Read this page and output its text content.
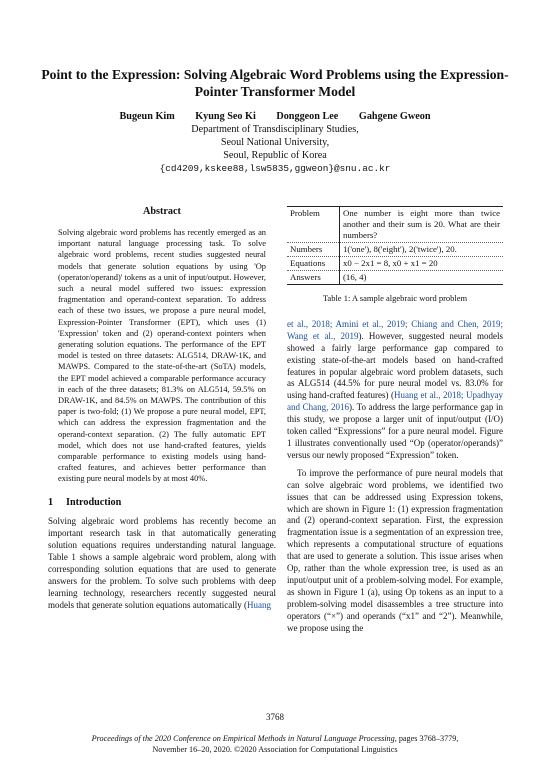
Point to the Expression: Solving Algebraic Word Problems using the Expression-Pointer Transformer Model
Bugeun Kim Kyung Seo Ki Donggeon Lee Gahgene Gweon
Department of Transdisciplinary Studies,
Seoul National University,
Seoul, Republic of Korea
{cd4209,kskee88,lsw5835,ggweon}@snu.ac.kr
Abstract

Solving algebraic word problems has recently emerged as an important natural language processing task. To solve algebraic word problems, recent studies suggested neural models that generate solution equations by using 'Op (operator/operand)' tokens as a unit of input/output. However, such a neural model suffered two issues: expression fragmentation and operand-context separation. To address each of these two issues, we propose a pure neural model, Expression-Pointer Transformer (EPT), which uses (1) 'Expression' token and (2) operand-context pointers when generating solution equations. The performance of the EPT model is tested on three datasets: ALG514, DRAW-1K, and MAWPS. Compared to the state-of-the-art (SoTA) models, the EPT model achieved a comparable performance accuracy in each of the three datasets; 81.3% on ALG514, 59.5% on DRAW-1K, and 84.5% on MAWPS. The contribution of this paper is two-fold; (1) We propose a pure neural model, EPT, which can address the expression fragmentation and the operand-context separation. (2) The fully automatic EPT model, which does not use hand-crafted features, yields comparable performance to existing models using hand-crafted features, and achieves better performance than existing pure neural models by at most 40%.

1 Introduction

Solving algebraic word problems has recently become an important research task in that automatically generating solution equations requires understanding natural language. Table 1 shows a sample algebraic word problem, along with corresponding solution equations that are used to generate answers for the problem. To solve such problems with deep learning technology, researchers recently suggested neural models that generate solution equations automatically (Huang

Problem	One number is eight more than twice another and their sum is 20. What are their numbers?
Numbers	1('one'), 8('eight'), 2('twice'), 20.
Equations	x0 − 2x1 = 8, x0 + x1 = 20
Answers	(16, 4)
Table 1: A sample algebraic word problem

et al., 2018; Amini et al., 2019; Chiang and Chen, 2019; Wang et al., 2019). However, suggested neural models showed a fairly large performance gap compared to existing state-of-the-art models based on hand-crafted features in popular algebraic word problem datasets, such as ALG514 (44.5% for pure neural model vs. 83.0% for using hand-crafted features) (Huang et al., 2018; Upadhyay and Chang, 2016). To address the large performance gap in this study, we propose a larger unit of input/output (I/O) token called “Expressions” for a pure neural model. Figure 1 illustrates conventionally used “Op (operator/operands)” versus our newly proposed “Expression” token.

To improve the performance of pure neural models that can solve algebraic word problems, we identified two issues that can be addressed using Expression tokens, which are shown in Figure 1: (1) expression fragmentation and (2) operand-context separation. First, the expression fragmentation issue is a segmentation of an expression tree, which represents a computational structure of equations that are used to generate a solution. This issue arises when Op, rather than the whole expression tree, is used as an input/output unit of a problem-solving model. For example, as shown in Figure 1 (a), using Op tokens as an input to a problem-solving model disassembles a tree structure into operators (“×”) and operands (“x1” and “2”). Meanwhile, we propose using the

3768
Proceedings of the 2020 Conference on Empirical Methods in Natural Language Processing, pages 3768–3779,
November 16–20, 2020. ©2020 Association for Computational Linguistics
